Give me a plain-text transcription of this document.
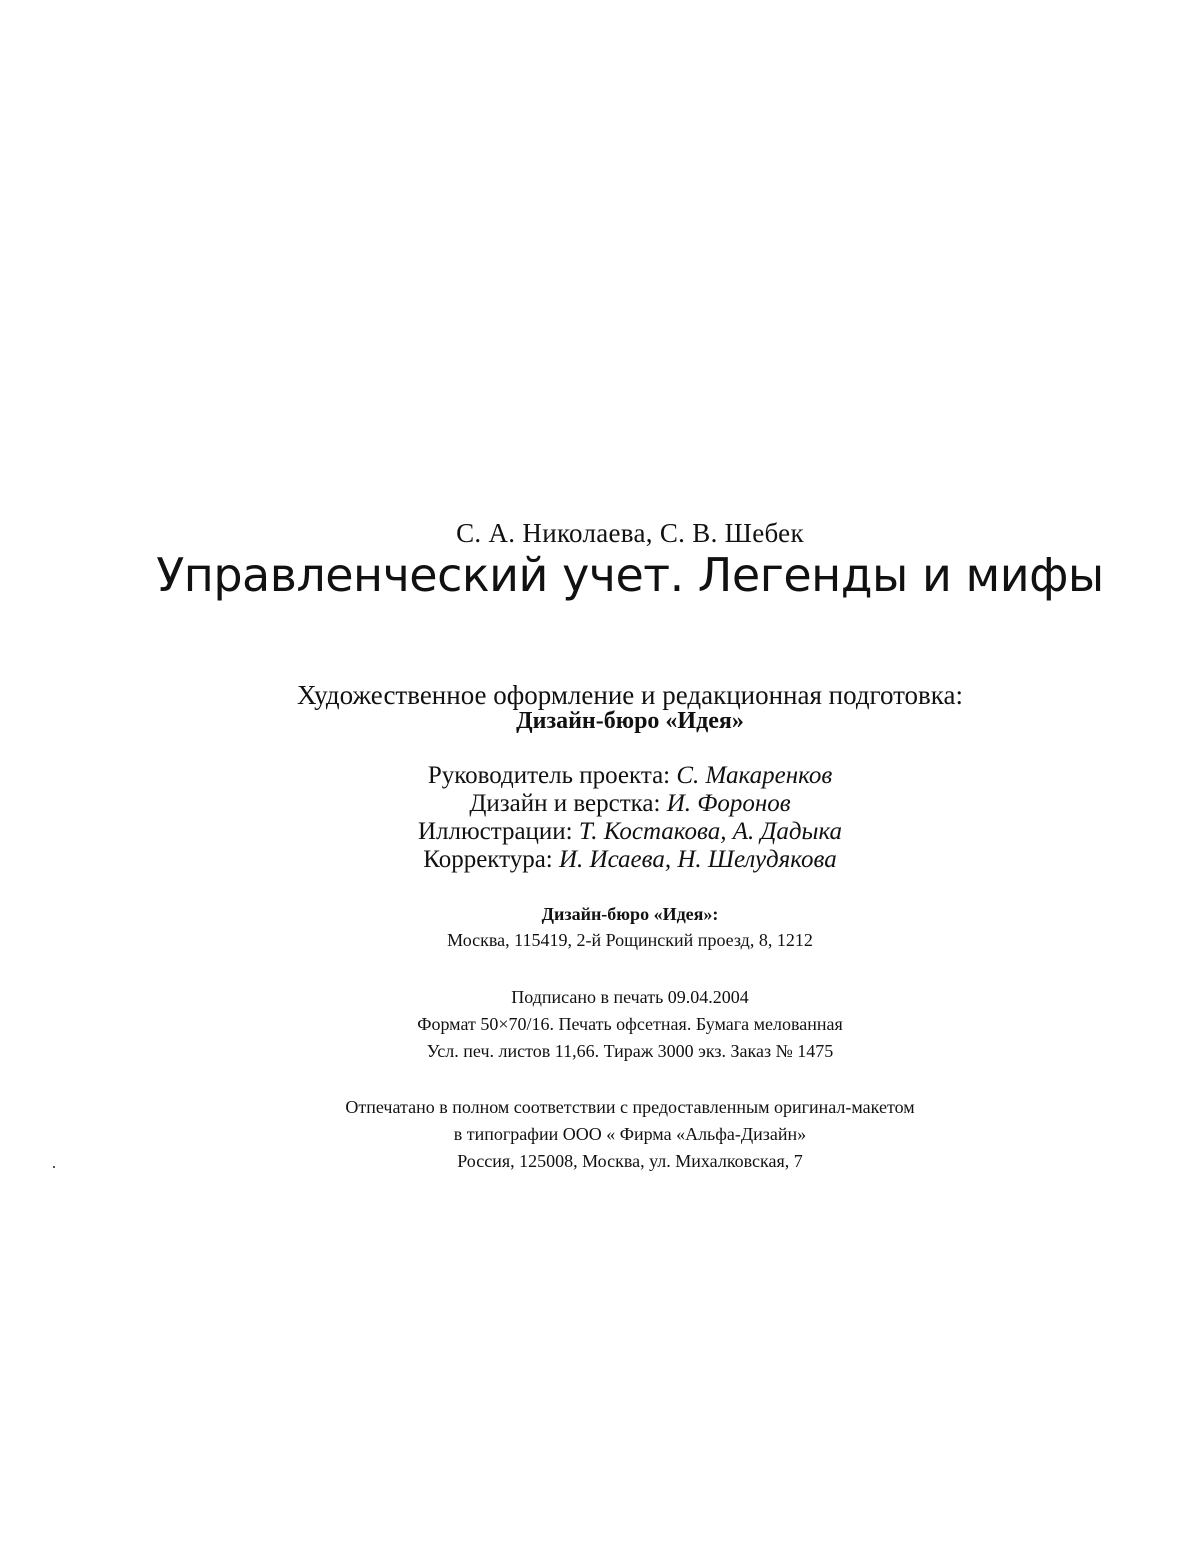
С. А. Николаева, С. В. Шебек
Управленческий учет. Легенды и мифы
Художественное оформление и редакционная подготовка:
Дизайн-бюро «Идея»
Руководитель проекта: С. Макаренков
Дизайн и верстка: И. Форонов
Иллюстрации: Т. Костакова, А. Дадыка
Корректура: И. Исаева, Н. Шелудякова
Дизайн-бюро «Идея»:
Москва, 115419, 2-й Рощинский проезд, 8, 1212
Подписано в печать 09.04.2004
Формат 50×70/16. Печать офсетная. Бумага мелованная
Усл. печ. листов 11,66. Тираж 3000 экз. Заказ № 1475
Отпечатано в полном соответствии с предоставленным оригинал-макетом
в типографии ООО « Фирма «Альфа-Дизайн»
Россия, 125008, Москва, ул. Михалковская, 7
